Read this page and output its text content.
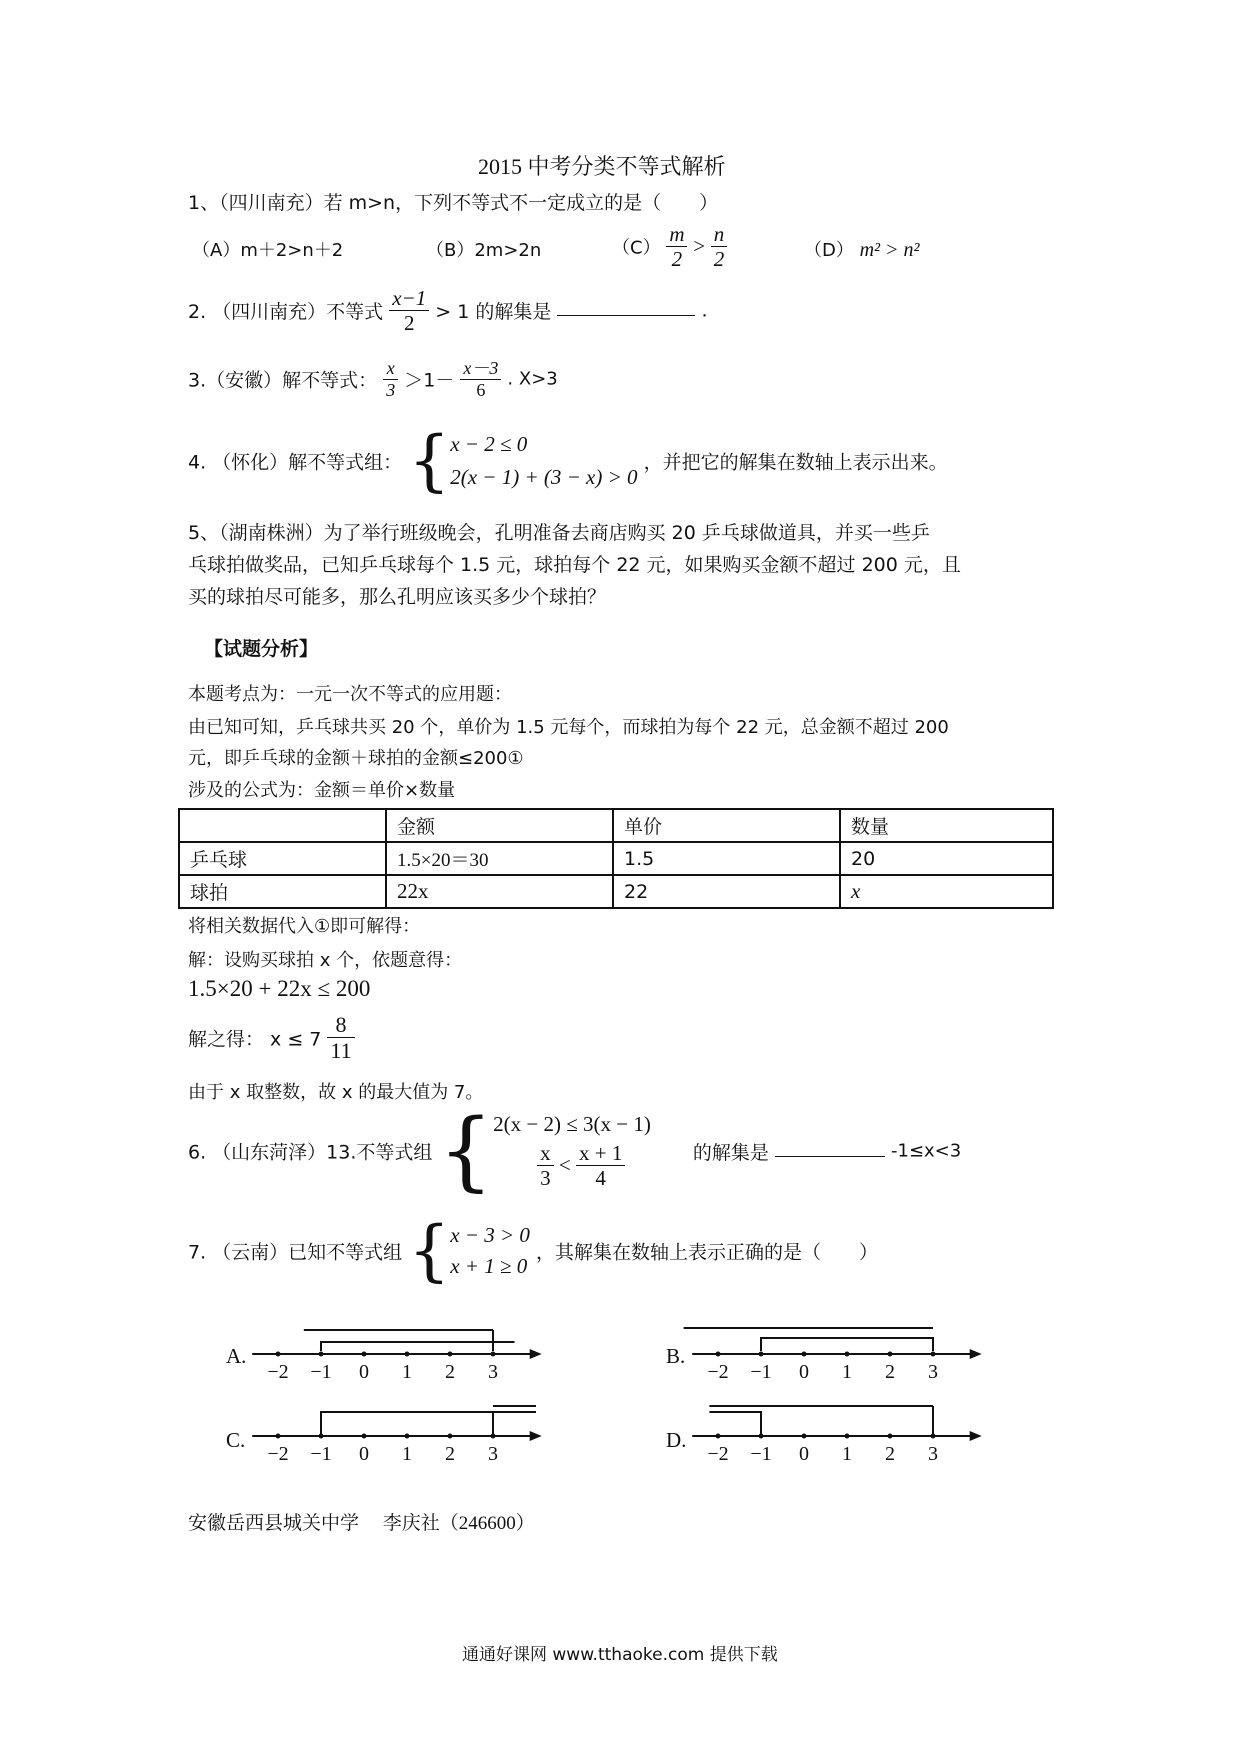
2015 中考分类不等式解析
1、（四川南充）若 m>n，下列不等式不一定成立的是（　　）
（A）m＋2>n＋2	（B）2m>2n	$(C) \frac{m}{2} > \frac{n}{2}$	（D） m² > n²
2. （四川南充）不等式 $\frac{x-1}{2} > 1$ 的解集是	.
3.（安徽）解不等式： $\frac{x}{3} >1- \frac{x-3}{6}$ . X>3
4. （怀化）解不等式组： { x − 2 ≤ 0
2(x − 1) + (3 − x) > 0
，并把它的解集在数轴上表示出来。
5、（湖南株洲）为了举行班级晚会，孔明准备去商店购买 20 乒乓球做道具，并买一些乒
乓球拍做奖品，已知乒乓球每个 1.5 元，球拍每个 22 元，如果购买金额不超过 200 元，且
买的球拍尽可能多，那么孔明应该买多少个球拍？
【试题分析】
本题考点为：一元一次不等式的应用题：
由已知可知，乒乓球共买 20 个，单价为 1.5 元每个，而球拍为每个 22 元，总金额不超过 200
元，即乒乓球的金额＋球拍的金额≤200①
涉及的公式为：金额＝单价×数量
	金额	单价	数量
乒乓球	1.5×20＝30	1.5	20
球拍	22x	22	x
将相关数据代入①即可解得：
解：设购买球拍 x 个，依题意得：
1.5×20 + 22x ≤ 200
解之得： $x \le 7 \frac{8}{11}$
由于 x 取整数，故 x 的最大值为 7。
6. （山东菏泽）13.不等式组 { 2(x − 2) ≤ 3(x − 1)
$\frac{x}{3} < \frac{x + 1}{4}$	的解集是	-1≤x<3
7. （云南）已知不等式组 { x − 3 > 0
x + 1 ≥ 0
，其解集在数轴上表示正确的是（　　）
A.
−2 −1 0 1 2 3
B.
−2 −1 0 1 2 3
C.
−2 −1 0 1 2 3
D.
−2 −1 0 1 2 3
安徽岳西县城关中学　 李庆社（246600）
通通好课网 www.tthaoke.com 提供下载
